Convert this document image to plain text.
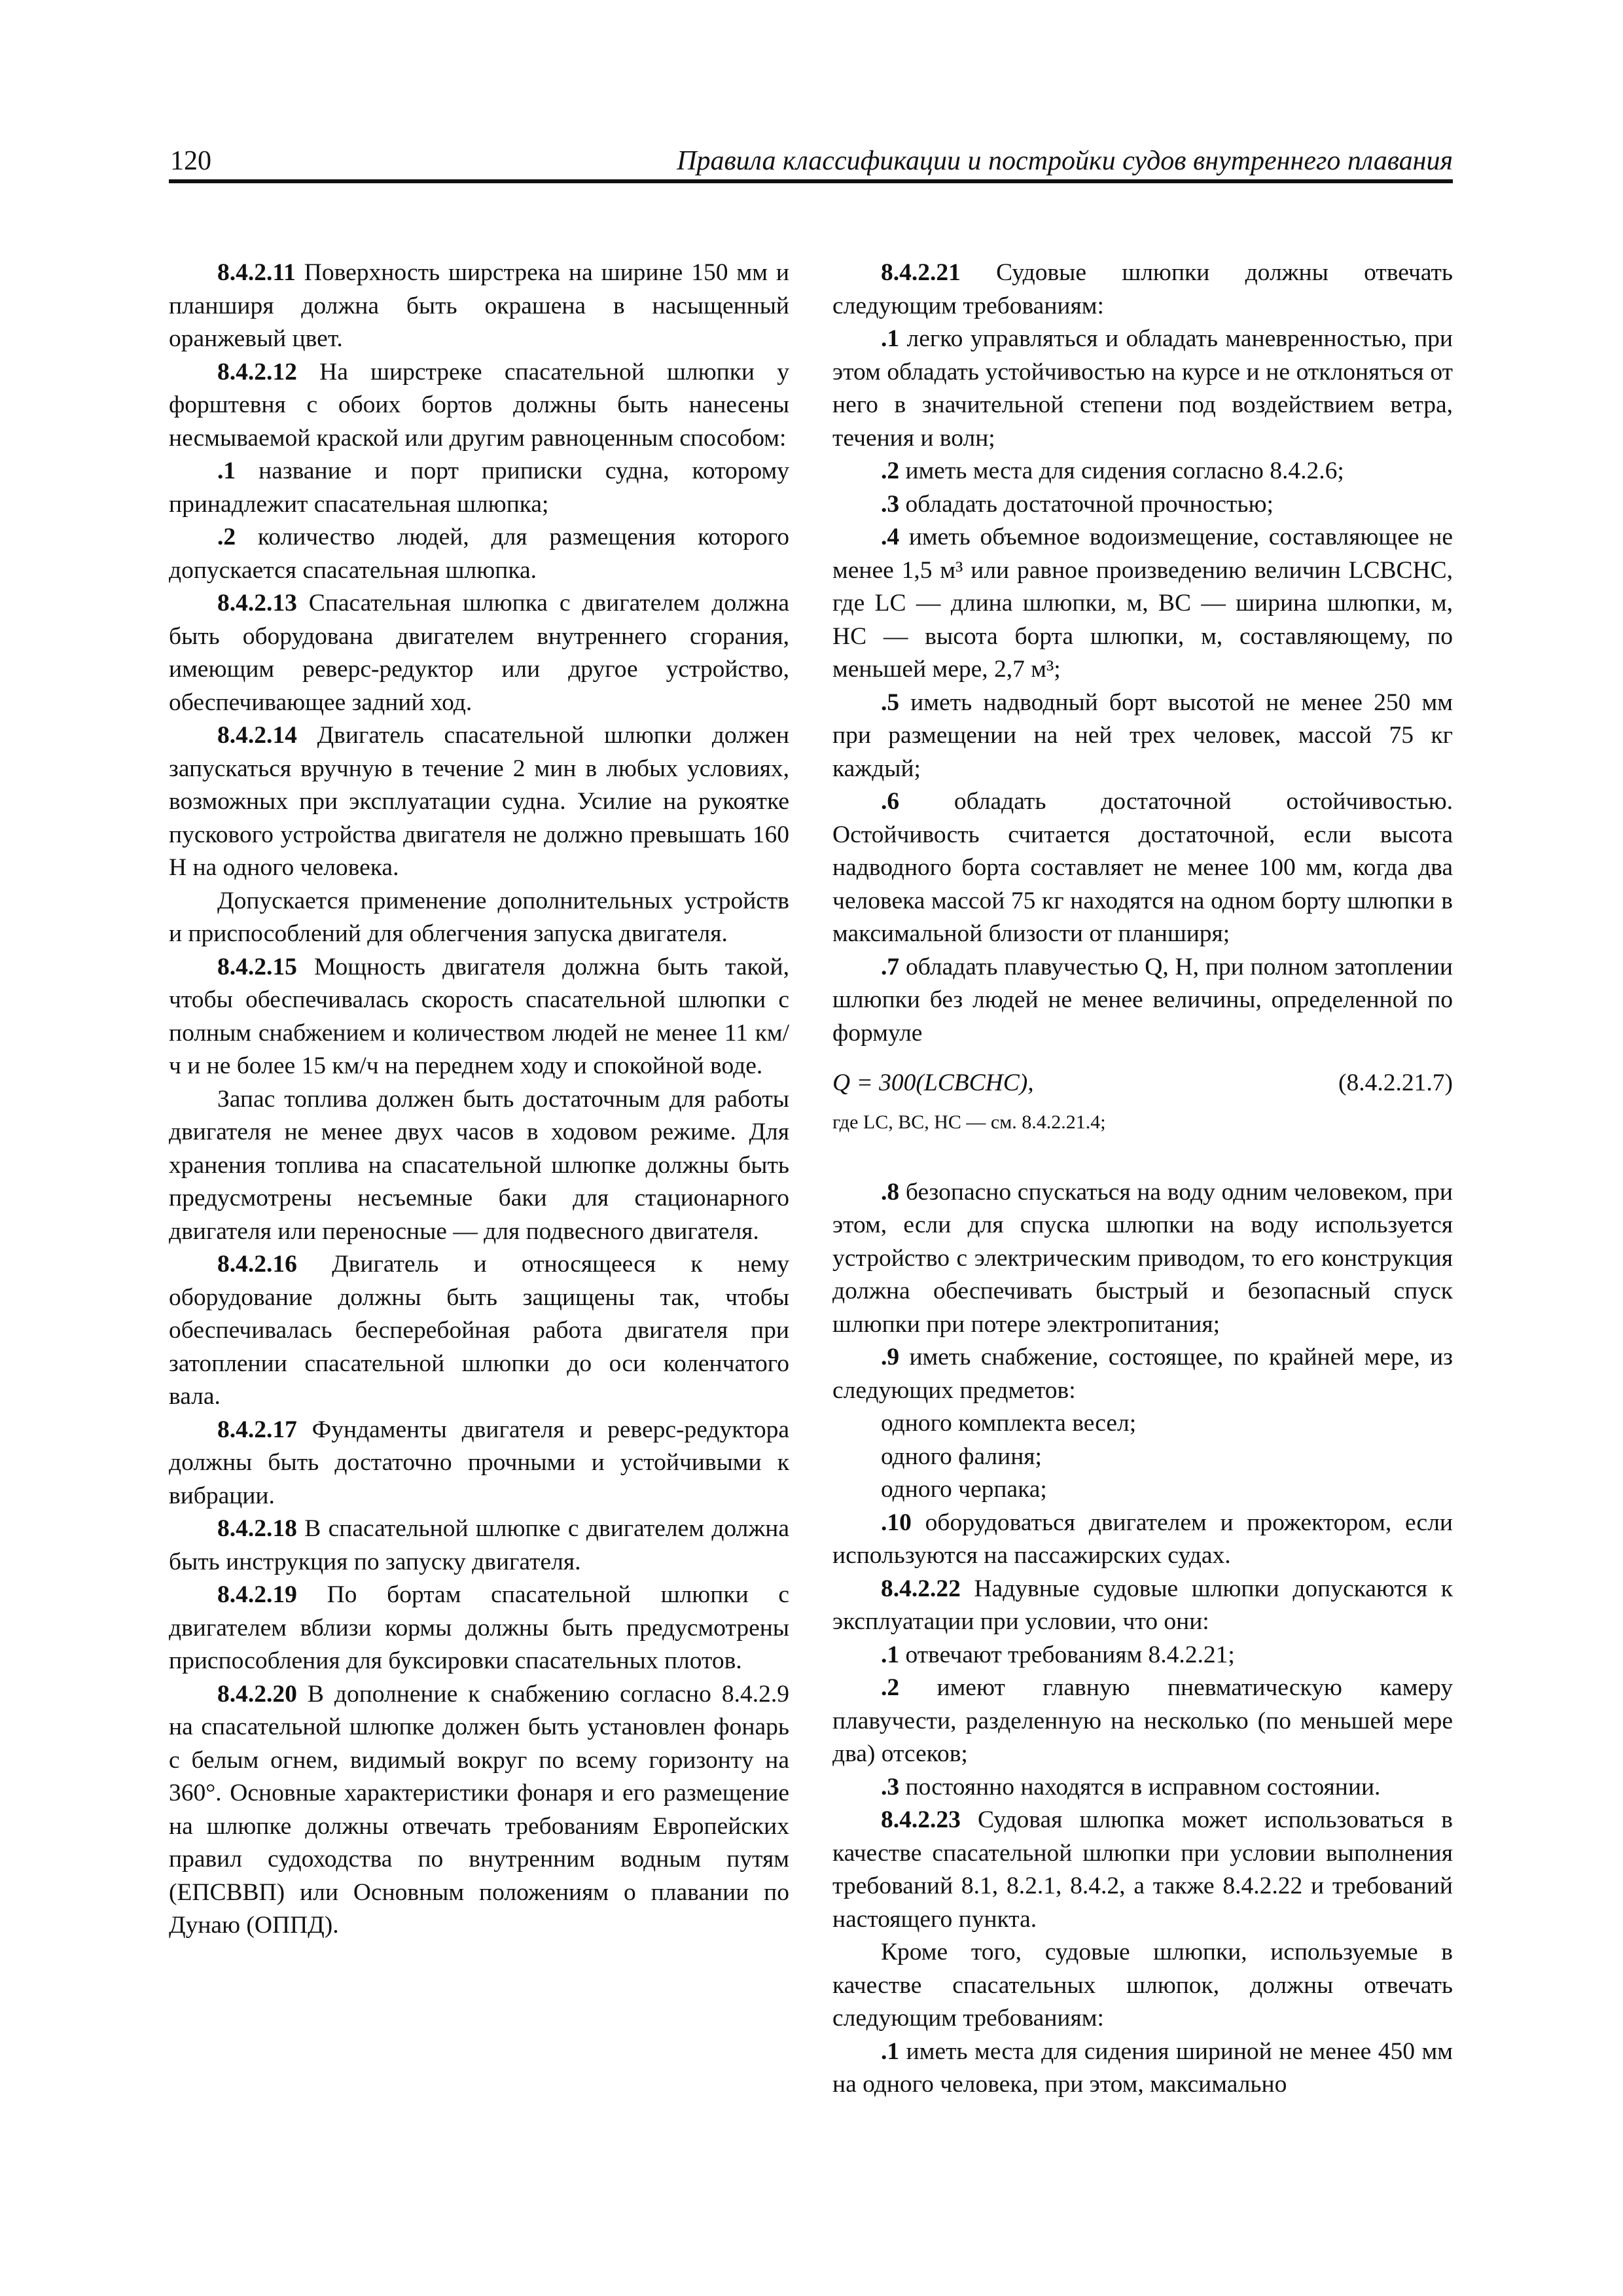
120	Правила классификации и постройки судов внутреннего плавания

8.4.2.11 Поверхность ширстрека на ширине 150 мм и планширя должна быть окрашена в насыщенный оранжевый цвет.

8.4.2.12 На ширстреке спасательной шлюпки у форштевня с обоих бортов должны быть нанесены несмываемой краской или другим равноценным способом:

.1 название и порт приписки судна, которому принадлежит спасательная шлюпка;

.2 количество людей, для размещения которого допускается спасательная шлюпка.

8.4.2.13 Спасательная шлюпка с двигателем должна быть оборудована двигателем внутреннего сгорания, имеющим реверс-редуктор или другое устройство, обеспечивающее задний ход.

8.4.2.14 Двигатель спасательной шлюпки должен запускаться вручную в течение 2 мин в любых условиях, возможных при эксплуатации судна. Усилие на рукоятке пускового устройства двигателя не должно превышать 160 Н на одного человека.

Допускается применение дополнительных устройств и приспособлений для облегчения запуска двигателя.

8.4.2.15 Мощность двигателя должна быть такой, чтобы обеспечивалась скорость спасательной шлюпки с полным снабжением и количеством людей не менее 11 км/ч и не более 15 км/ч на переднем ходу и спокойной воде.

Запас топлива должен быть достаточным для работы двигателя не менее двух часов в ходовом режиме. Для хранения топлива на спасательной шлюпке должны быть предусмотрены несъемные баки для стационарного двигателя или переносные — для подвесного двигателя.

8.4.2.16 Двигатель и относящееся к нему оборудование должны быть защищены так, чтобы обеспечивалась бесперебойная работа двигателя при затоплении спасательной шлюпки до оси коленчатого вала.

8.4.2.17 Фундаменты двигателя и реверс-редуктора должны быть достаточно прочными и устойчивыми к вибрации.

8.4.2.18 В спасательной шлюпке с двигателем должна быть инструкция по запуску двигателя.

8.4.2.19 По бортам спасательной шлюпки с двигателем вблизи кормы должны быть предусмотрены приспособления для буксировки спасательных плотов.

8.4.2.20 В дополнение к снабжению согласно 8.4.2.9 на спасательной шлюпке должен быть установлен фонарь с белым огнем, видимый вокруг по всему горизонту на 360°. Основные характеристики фонаря и его размещение на шлюпке должны отвечать требованиям Европейских правил судоходства по внутренним водным путям (ЕПСВВП) или Основным положениям о плавании по Дунаю (ОППД).

8.4.2.21 Судовые шлюпки должны отвечать следующим требованиям:

.1 легко управляться и обладать маневренностью, при этом обладать устойчивостью на курсе и не отклоняться от него в значительной степени под воздействием ветра, течения и волн;

.2 иметь места для сидения согласно 8.4.2.6;

.3 обладать достаточной прочностью;

.4 иметь объемное водоизмещение, составляющее не менее 1,5 м³ или равное произведению величин LCBCHC, где LC — длина шлюпки, м, BC — ширина шлюпки, м, HC — высота борта шлюпки, м, составляющему, по меньшей мере, 2,7 м³;

.5 иметь надводный борт высотой не менее 250 мм при размещении на ней трех человек, массой 75 кг каждый;

.6 обладать достаточной остойчивостью. Остойчивость считается достаточной, если высота надводного борта составляет не менее 100 мм, когда два человека массой 75 кг находятся на одном борту шлюпки в максимальной близости от планширя;

.7 обладать плавучестью Q, Н, при полном затоплении шлюпки без людей не менее величины, определенной по формуле

Q = 300(LCBCHC),	(8.4.2.21.7)

где LC, BC, HC — см. 8.4.2.21.4;

.8 безопасно спускаться на воду одним человеком, при этом, если для спуска шлюпки на воду используется устройство с электрическим приводом, то его конструкция должна обеспечивать быстрый и безопасный спуск шлюпки при потере электропитания;

.9 иметь снабжение, состоящее, по крайней мере, из следующих предметов:

одного комплекта весел;

одного фалиня;

одного черпака;

.10 оборудоваться двигателем и прожектором, если используются на пассажирских судах.

8.4.2.22 Надувные судовые шлюпки допускаются к эксплуатации при условии, что они:

.1 отвечают требованиям 8.4.2.21;

.2 имеют главную пневматическую камеру плавучести, разделенную на несколько (по меньшей мере два) отсеков;

.3 постоянно находятся в исправном состоянии.

8.4.2.23 Судовая шлюпка может использоваться в качестве спасательной шлюпки при условии выполнения требований 8.1, 8.2.1, 8.4.2, а также 8.4.2.22 и требований настоящего пункта.

Кроме того, судовые шлюпки, используемые в качестве спасательных шлюпок, должны отвечать следующим требованиям:

.1 иметь места для сидения шириной не менее 450 мм на одного человека, при этом, максимально
